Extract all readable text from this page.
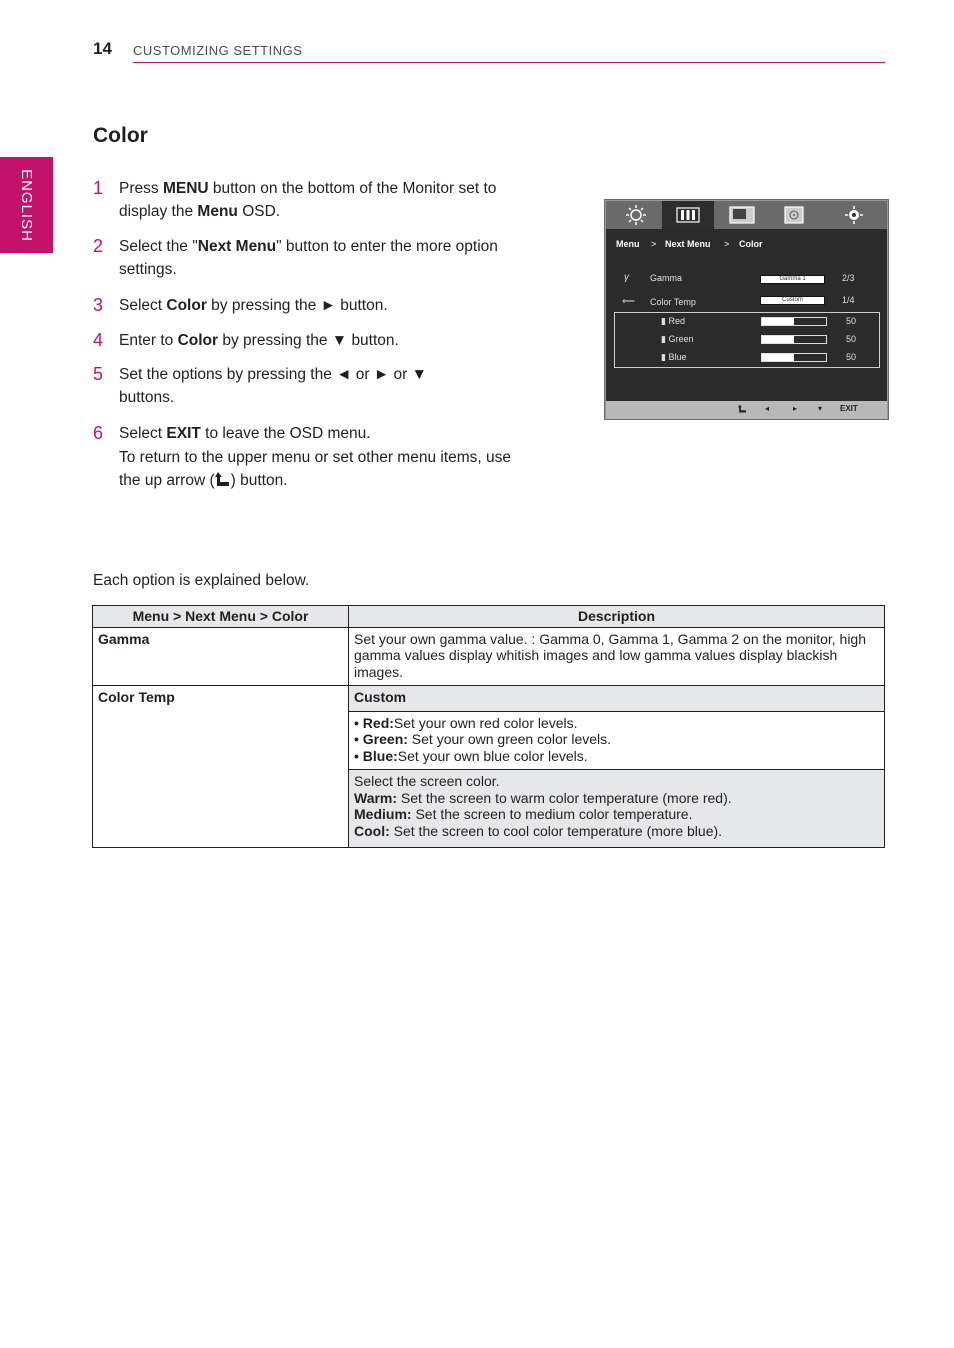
14 CUSTOMIZING SETTINGS
ENGLISH
Color
1 Press MENU button on the bottom of the Monitor set to display the Menu OSD.
2 Select the "Next Menu" button to enter the more option settings.
3 Select Color by pressing the ► button.
4 Enter to Color by pressing the ▼ button.
5 Set the options by pressing the ◄ or ► or ▼ buttons.
6 Select EXIT to leave the OSD menu.
To return to the upper menu or set other menu items, use the up arrow ( ) button.
Menu > Next Menu > Color
γ Gamma	Gamma 1	2/3
⟸ Color Temp	Custom	1/4
▮ Red	50
▮ Green	50
▮ Blue	50
◂	▸	▾ EXIT
Each option is explained below.
Menu > Next Menu > Color	Description
Gamma	Set your own gamma value. : Gamma 0, Gamma 1, Gamma 2 on the monitor, high gamma values display whitish images and low gamma values display blackish images.
Color Temp	Custom

	• Red:Set your own red color levels.
• Green: Set your own green color levels.
• Blue:Set your own blue color levels.

	Select the screen color.
Warm: Set the screen to warm color temperature (more red).
Medium: Set the screen to medium color temperature.
Cool: Set the screen to cool color temperature (more blue).
